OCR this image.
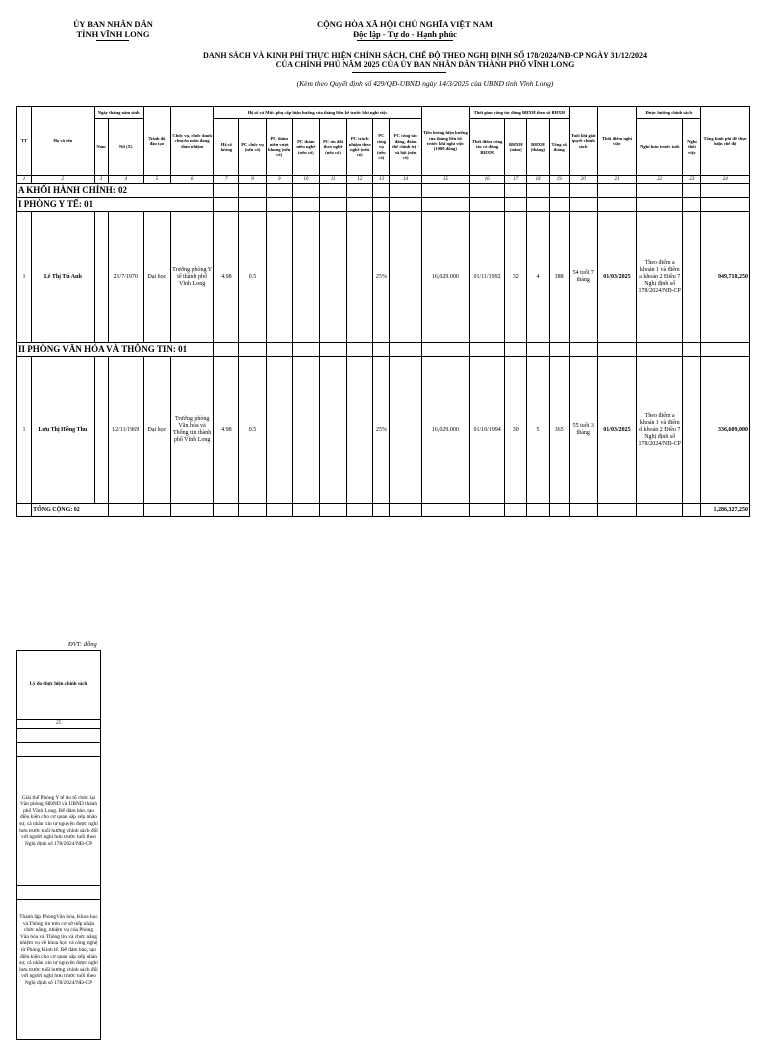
ỦY BAN NHÂN DÂN
TỈNH VĨNH LONG
CỘNG HÒA XÃ HỘI CHỦ NGHĨA VIỆT NAM
Độc lập - Tự do - Hạnh phúc
DANH SÁCH VÀ KINH PHÍ THỰC HIỆN CHÍNH SÁCH, CHẾ ĐỘ THEO NGHỊ ĐỊNH SỐ 178/2024/NĐ-CP NGÀY 31/12/2024
CỦA CHÍNH PHỦ NĂM 2025 CỦA ỦY BAN NHÂN DÂN THÀNH PHỐ VĨNH LONG
(Kèm theo Quyết định số 429/QĐ-UBND ngày 14/3/2025 của UBND tỉnh Vĩnh Long)
TT	Họ và tên	Ngày tháng năm sinh		Trình độ đào tạo	Chức vụ, chức danh chuyên môn đang đảm nhiệm	Hệ số và Mức phụ cấp hiện hưởng của tháng liền kề trước khi nghỉ việc								Tiền lương hiện hưởng của tháng liền kề trước khi nghỉ việc (1000 đồng)	Thời gian công tác đóng BHXH theo sổ BHXH				Tuổi khi giải quyết chính sách	Thời điểm nghỉ việc	Được hưởng chính sách		Tổng kinh phí đề thực hiện chế độ
		Nam	Nữ (X)			Hệ số lương	PC chức vụ (nếu có)	PC thâm niên vượt khung (nếu có)	PC thâm niên nghề (nếu có)	PC ưu đãi theo nghề (nếu có)	PC trách nhiệm theo nghề (nếu có)	PC công vụ (nếu có)	PC công tác đảng, đoàn thể chính trị - xã hội (nếu có)		Thời điểm công tác có đóng BHXH	BHXH (năm)	BHXH (tháng)	Tổng số tháng			Nghỉ hưu trước tuổi	Nghỉ thôi việc	
1	2	3	4	5	6	7	8	9	10	11	12	13	14	15	16	17	18	19	20	21	22	23	24
A KHỐI HÀNH CHÍNH: 02																							
I PHÒNG Y TẾ: 01																							
1	Lê Thị Tú Anh		21/7/1970	Đại học	Trưởng phòng Y tế thành phố Vĩnh Long	4.98	0.5					25%		16,029.000	01/11/1992	32	4	388	54 tuổi 7 tháng	01/03/2025	Theo điểm a khoản 1 và điểm a khoản 2 Điều 7 Nghị định số 178/2024/NĐ-CP		949,718,250
II PHÒNG VĂN HÓA VÀ THÔNG TIN: 01																							
1	Lưu Thị Hồng Thu		12/11/1969	Đại học	Trưởng phòng Văn hóa và Thông tin thành phố Vĩnh Long	4.98	0.5					25%		16,029.000	01/10/1994	30	5	365	55 tuổi 3 tháng	01/03/2025	Theo điểm a khoản 1 và điểm d khoản 2 Điều 7 Nghị định số 178/2024/NĐ-CP		336,609,000
	TỔNG CỘNG: 02																						1,286,327,250
ĐVT: đồng
Lý do thực hiện chính sách
25

Giải thể Phòng Y tế do tổ chức lại Văn phòng HĐND và UBND thành phố Vĩnh Long. Để đảm bảo, tạo điều kiện cho cơ quan sắp xếp nhân sự, cá nhân xin tự nguyện được nghỉ hưu trước tuổi hưởng chính sách đối với người nghỉ hưu trước tuổi theo Nghị định số 178/2024/NĐ-CP

Thành lập PhòngVăn hóa, Khoa học và Thông tin trên cơ sở tiếp nhận chức năng, nhiệm vụ của Phòng Văn hóa và Thông tin và chức năng nhiệm vụ về khoa học và công nghệ từ Phòng Kinh tế. Để đảm bảo, tạo điều kiện cho cơ quan sắp xếp nhân sự, cá nhân xin tự nguyện được nghỉ hưu trước tuổi hưởng chính sách đối với người nghỉ hưu trước tuổi theo Nghị định số 178/2024/NĐ-CP
